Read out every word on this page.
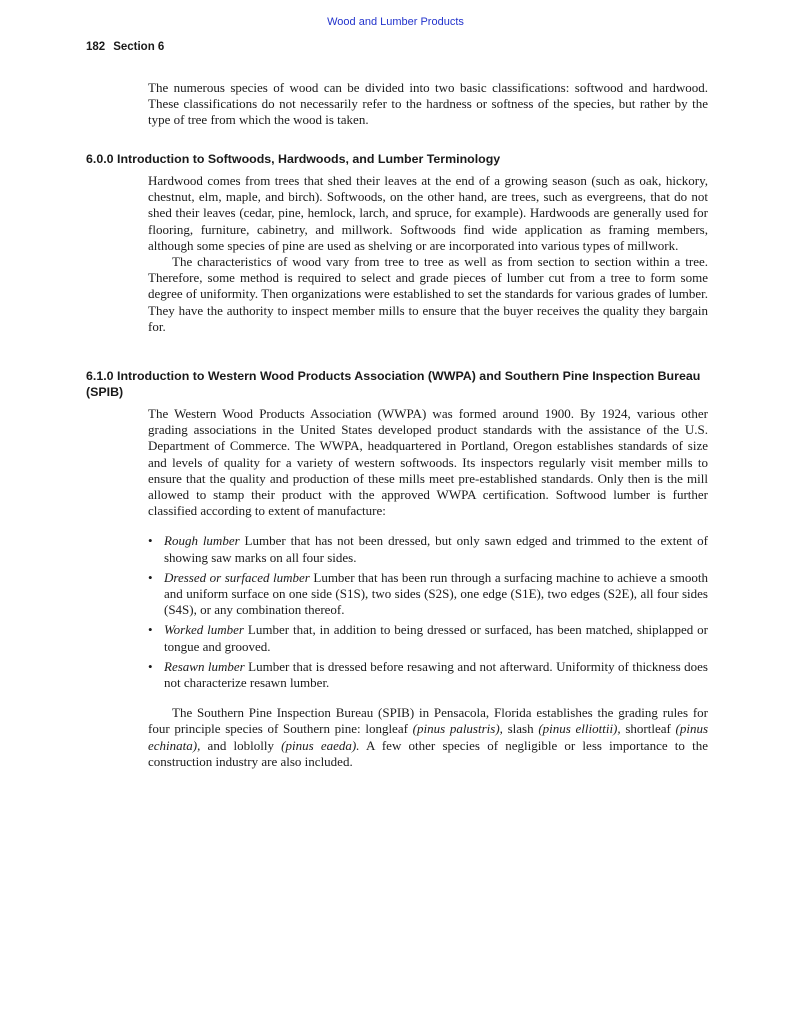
Wood and Lumber Products
182 Section 6

The numerous species of wood can be divided into two basic classifications: softwood and hardwood. These classifications do not necessarily refer to the hardness or softness of the species, but rather by the type of tree from which the wood is taken.

6.0.0 Introduction to Softwoods, Hardwoods, and Lumber Terminology

Hardwood comes from trees that shed their leaves at the end of a growing season (such as oak, hickory, chestnut, elm, maple, and birch). Softwoods, on the other hand, are trees, such as evergreens, that do not shed their leaves (cedar, pine, hemlock, larch, and spruce, for example). Hardwoods are generally used for flooring, furniture, cabinetry, and millwork. Softwoods find wide application as framing members, although some species of pine are used as shelving or are incorporated into various types of millwork.

The characteristics of wood vary from tree to tree as well as from section to section within a tree. Therefore, some method is required to select and grade pieces of lumber cut from a tree to form some degree of uniformity. Then organizations were established to set the standards for various grades of lumber. They have the authority to inspect member mills to ensure that the buyer receives the quality they bargain for.

6.1.0 Introduction to Western Wood Products Association (WWPA) and Southern Pine Inspection Bureau (SPIB)

The Western Wood Products Association (WWPA) was formed around 1900. By 1924, various other grading associations in the United States developed product standards with the assistance of the U.S. Department of Commerce. The WWPA, headquartered in Portland, Oregon establishes standards of size and levels of quality for a variety of western softwoods. Its inspectors regularly visit member mills to ensure that the quality and production of these mills meet pre-established standards. Only then is the mill allowed to stamp their product with the approved WWPA certification. Softwood lumber is further classified according to extent of manufacture:

• Rough lumber Lumber that has not been dressed, but only sawn edged and trimmed to the extent of showing saw marks on all four sides.
• Dressed or surfaced lumber Lumber that has been run through a surfacing machine to achieve a smooth and uniform surface on one side (S1S), two sides (S2S), one edge (S1E), two edges (S2E), all four sides (S4S), or any combination thereof.
• Worked lumber Lumber that, in addition to being dressed or surfaced, has been matched, shiplapped or tongue and grooved.
• Resawn lumber Lumber that is dressed before resawing and not afterward. Uniformity of thickness does not characterize resawn lumber.

The Southern Pine Inspection Bureau (SPIB) in Pensacola, Florida establishes the grading rules for four principle species of Southern pine: longleaf (pinus palustris), slash (pinus elliottii), shortleaf (pinus echinata), and loblolly (pinus eaeda). A few other species of negligible or less importance to the construction industry are also included.
